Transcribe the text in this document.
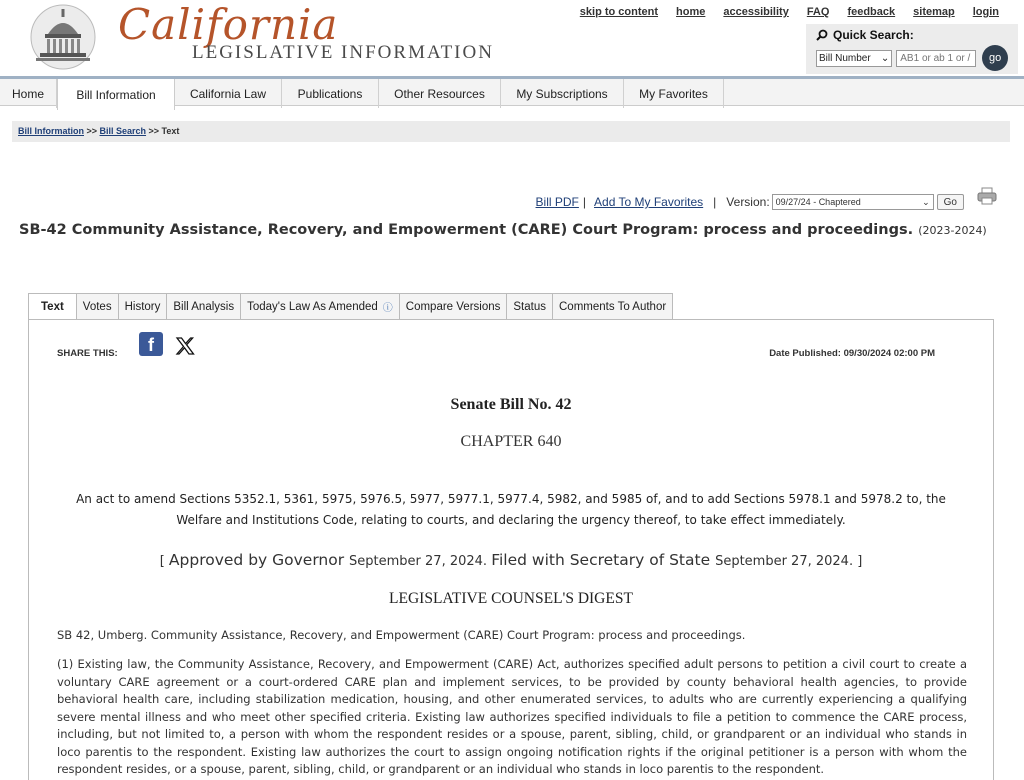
California
LEGISLATIVE INFORMATION
skip to content home accessibility FAQ feedback sitemap login
Quick Search:
Bill Number ⌄
AB1 or ab 1 or /	go
Home	Bill Information	California Law	Publications	Other Resources	My Subscriptions	My Favorites
Bill Information >> Bill Search >> Text
Bill PDF | Add To My Favorites | Version: 09/27/24 - Chaptered	⌄	Go
SB-42 Community Assistance, Recovery, and Empowerment (CARE) Court Program: process and proceedings. (2023-2024)
Text	Votes	History	Bill Analysis	Today's Law As Amended ⓘ	Compare Versions	Status	Comments To Author
SHARE THIS:	f	Date Published: 09/30/2024 02:00 PM
Senate Bill No. 42
CHAPTER 640
An act to amend Sections 5352.1, 5361, 5975, 5976.5, 5977, 5977.1, 5977.4, 5982, and 5985 of, and to add Sections 5978.1 and 5978.2 to, the Welfare and Institutions Code, relating to courts, and declaring the urgency thereof, to take effect immediately.
[ Approved by Governor September 27, 2024. Filed with Secretary of State September 27, 2024. ]
LEGISLATIVE COUNSEL'S DIGEST
SB 42, Umberg. Community Assistance, Recovery, and Empowerment (CARE) Court Program: process and proceedings.
(1) Existing law, the Community Assistance, Recovery, and Empowerment (CARE) Act, authorizes specified adult persons to petition a civil court to create a voluntary CARE agreement or a court-ordered CARE plan and implement services, to be provided by county behavioral health agencies, to provide behavioral health care, including stabilization medication, housing, and other enumerated services, to adults who are currently experiencing a qualifying severe mental illness and who meet other specified criteria. Existing law authorizes specified individuals to file a petition to commence the CARE process, including, but not limited to, a person with whom the respondent resides or a spouse, parent, sibling, child, or grandparent or an individual who stands in loco parentis to the respondent. Existing law authorizes the court to assign ongoing notification rights if the original petitioner is a person with whom the respondent resides, or a spouse, parent, sibling, child, or grandparent or an individual who stands in loco parentis to the respondent.
